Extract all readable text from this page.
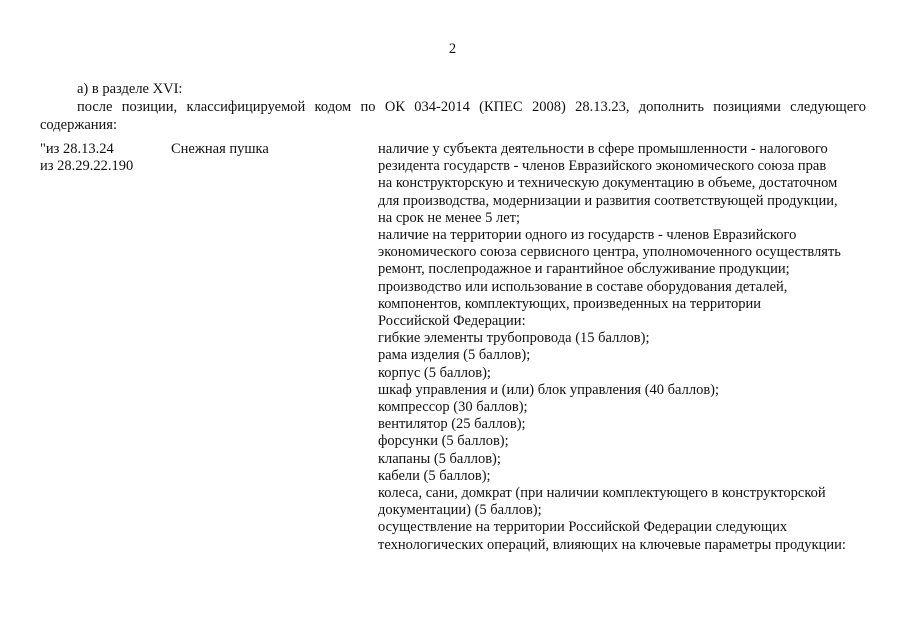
2
а) в разделе XVI:
после позиции, классифицируемой кодом по ОК 034-2014 (КПЕС 2008) 28.13.23, дополнить позициями следующего содержания:
"из 28.13.24
из 28.29.22.190
Снежная пушка	наличие у субъекта деятельности в сфере промышленности - налогового
резидента государств - членов Евразийского экономического союза прав
на конструкторскую и техническую документацию в объеме, достаточном
для производства, модернизации и развития соответствующей продукции,
на срок не менее 5 лет;
наличие на территории одного из государств - членов Евразийского
экономического союза сервисного центра, уполномоченного осуществлять
ремонт, послепродажное и гарантийное обслуживание продукции;
производство или использование в составе оборудования деталей,
компонентов, комплектующих, произведенных на территории
Российской Федерации:
гибкие элементы трубопровода (15 баллов);
рама изделия (5 баллов);
корпус (5 баллов);
шкаф управления и (или) блок управления (40 баллов);
компрессор (30 баллов);
вентилятор (25 баллов);
форсунки (5 баллов);
клапаны (5 баллов);
кабели (5 баллов);
колеса, сани, домкрат (при наличии комплектующего в конструкторской
документации) (5 баллов);
осуществление на территории Российской Федерации следующих
технологических операций, влияющих на ключевые параметры продукции:
